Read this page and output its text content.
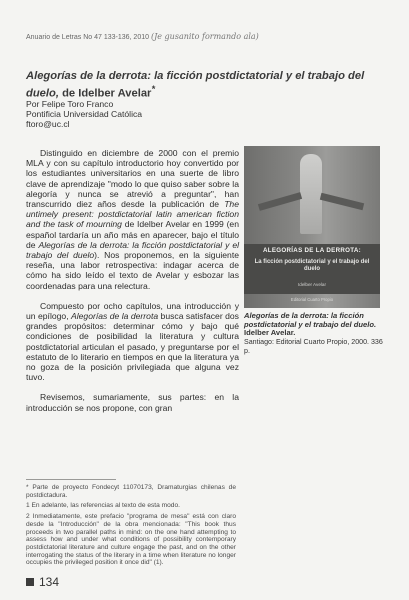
Anuario de Letras No 47 133-136, 2010 (Je gusanito formando ala)
Alegorías de la derrota: la ficción postdictatorial y el trabajo del duelo, de Idelber Avelar*
Por Felipe Toro Franco
Pontificia Universidad Católica
ftoro@uc.cl

Distinguido en diciembre de 2000 con el premio MLA y con su capítulo introductorio hoy convertido por los estudiantes universitarios en una suerte de libro clave de aprendizaje "modo lo que quiso saber sobre la alegoría y nunca se atrevió a preguntar", han transcurrido diez años desde la publicación de The untimely present: postdictatorial latin american fiction and the task of mourning de Idelber Avelar en 1999 (en español tardaría un año más en aparecer, bajo el título de Alegorías de la derrota: la ficción postdictatorial y el trabajo del duelo). Nos proponemos, en la siguiente reseña, una labor retrospectiva: indagar acerca de cómo ha sido leído el texto de Avelar y esbozar las coordenadas para una relectura.

Compuesto por ocho capítulos, una introducción y un epílogo, Alegorías de la derrota busca satisfacer dos grandes propósitos: determinar cómo y bajo qué condiciones de posibilidad la literatura y cultura postdictatorial articulan el pasado, y preguntarse por el estatuto de lo literario en tiempos en que la literatura ya no goza de la posición privilegiada que alguna vez tuvo.

Revisemos, sumariamente, sus partes: en la introducción se nos propone, con gran

ALEGORÍAS DE LA DERROTA:
La ficción postdictatorial y el trabajo del duelo
Idelber Avelar
Editorial Cuarto Propio
Alegorías de la derrota: la ficción postdictatorial y el trabajo del duelo.
Idelber Avelar.
Santiago: Editorial Cuarto Propio, 2000. 336 p.

* Parte de proyecto Fondecyt 11070173, Dramaturgias chilenas de postdictadura.

1 En adelante, las referencias al texto de esta modo.

2 Inmediatamente, este prefacio "programa de mesa" está con claro desde la "Introducción" de la obra mencionada: "This book thus proceeds in two parallel paths in mind: on the one hand attempting to assess how and under what conditions of possibility contemporary postdictatorial literature and culture engage the past, and on the other interrogating the status of the literary in a time when literature no longer occupies the privileged position it once did" (1).

134
